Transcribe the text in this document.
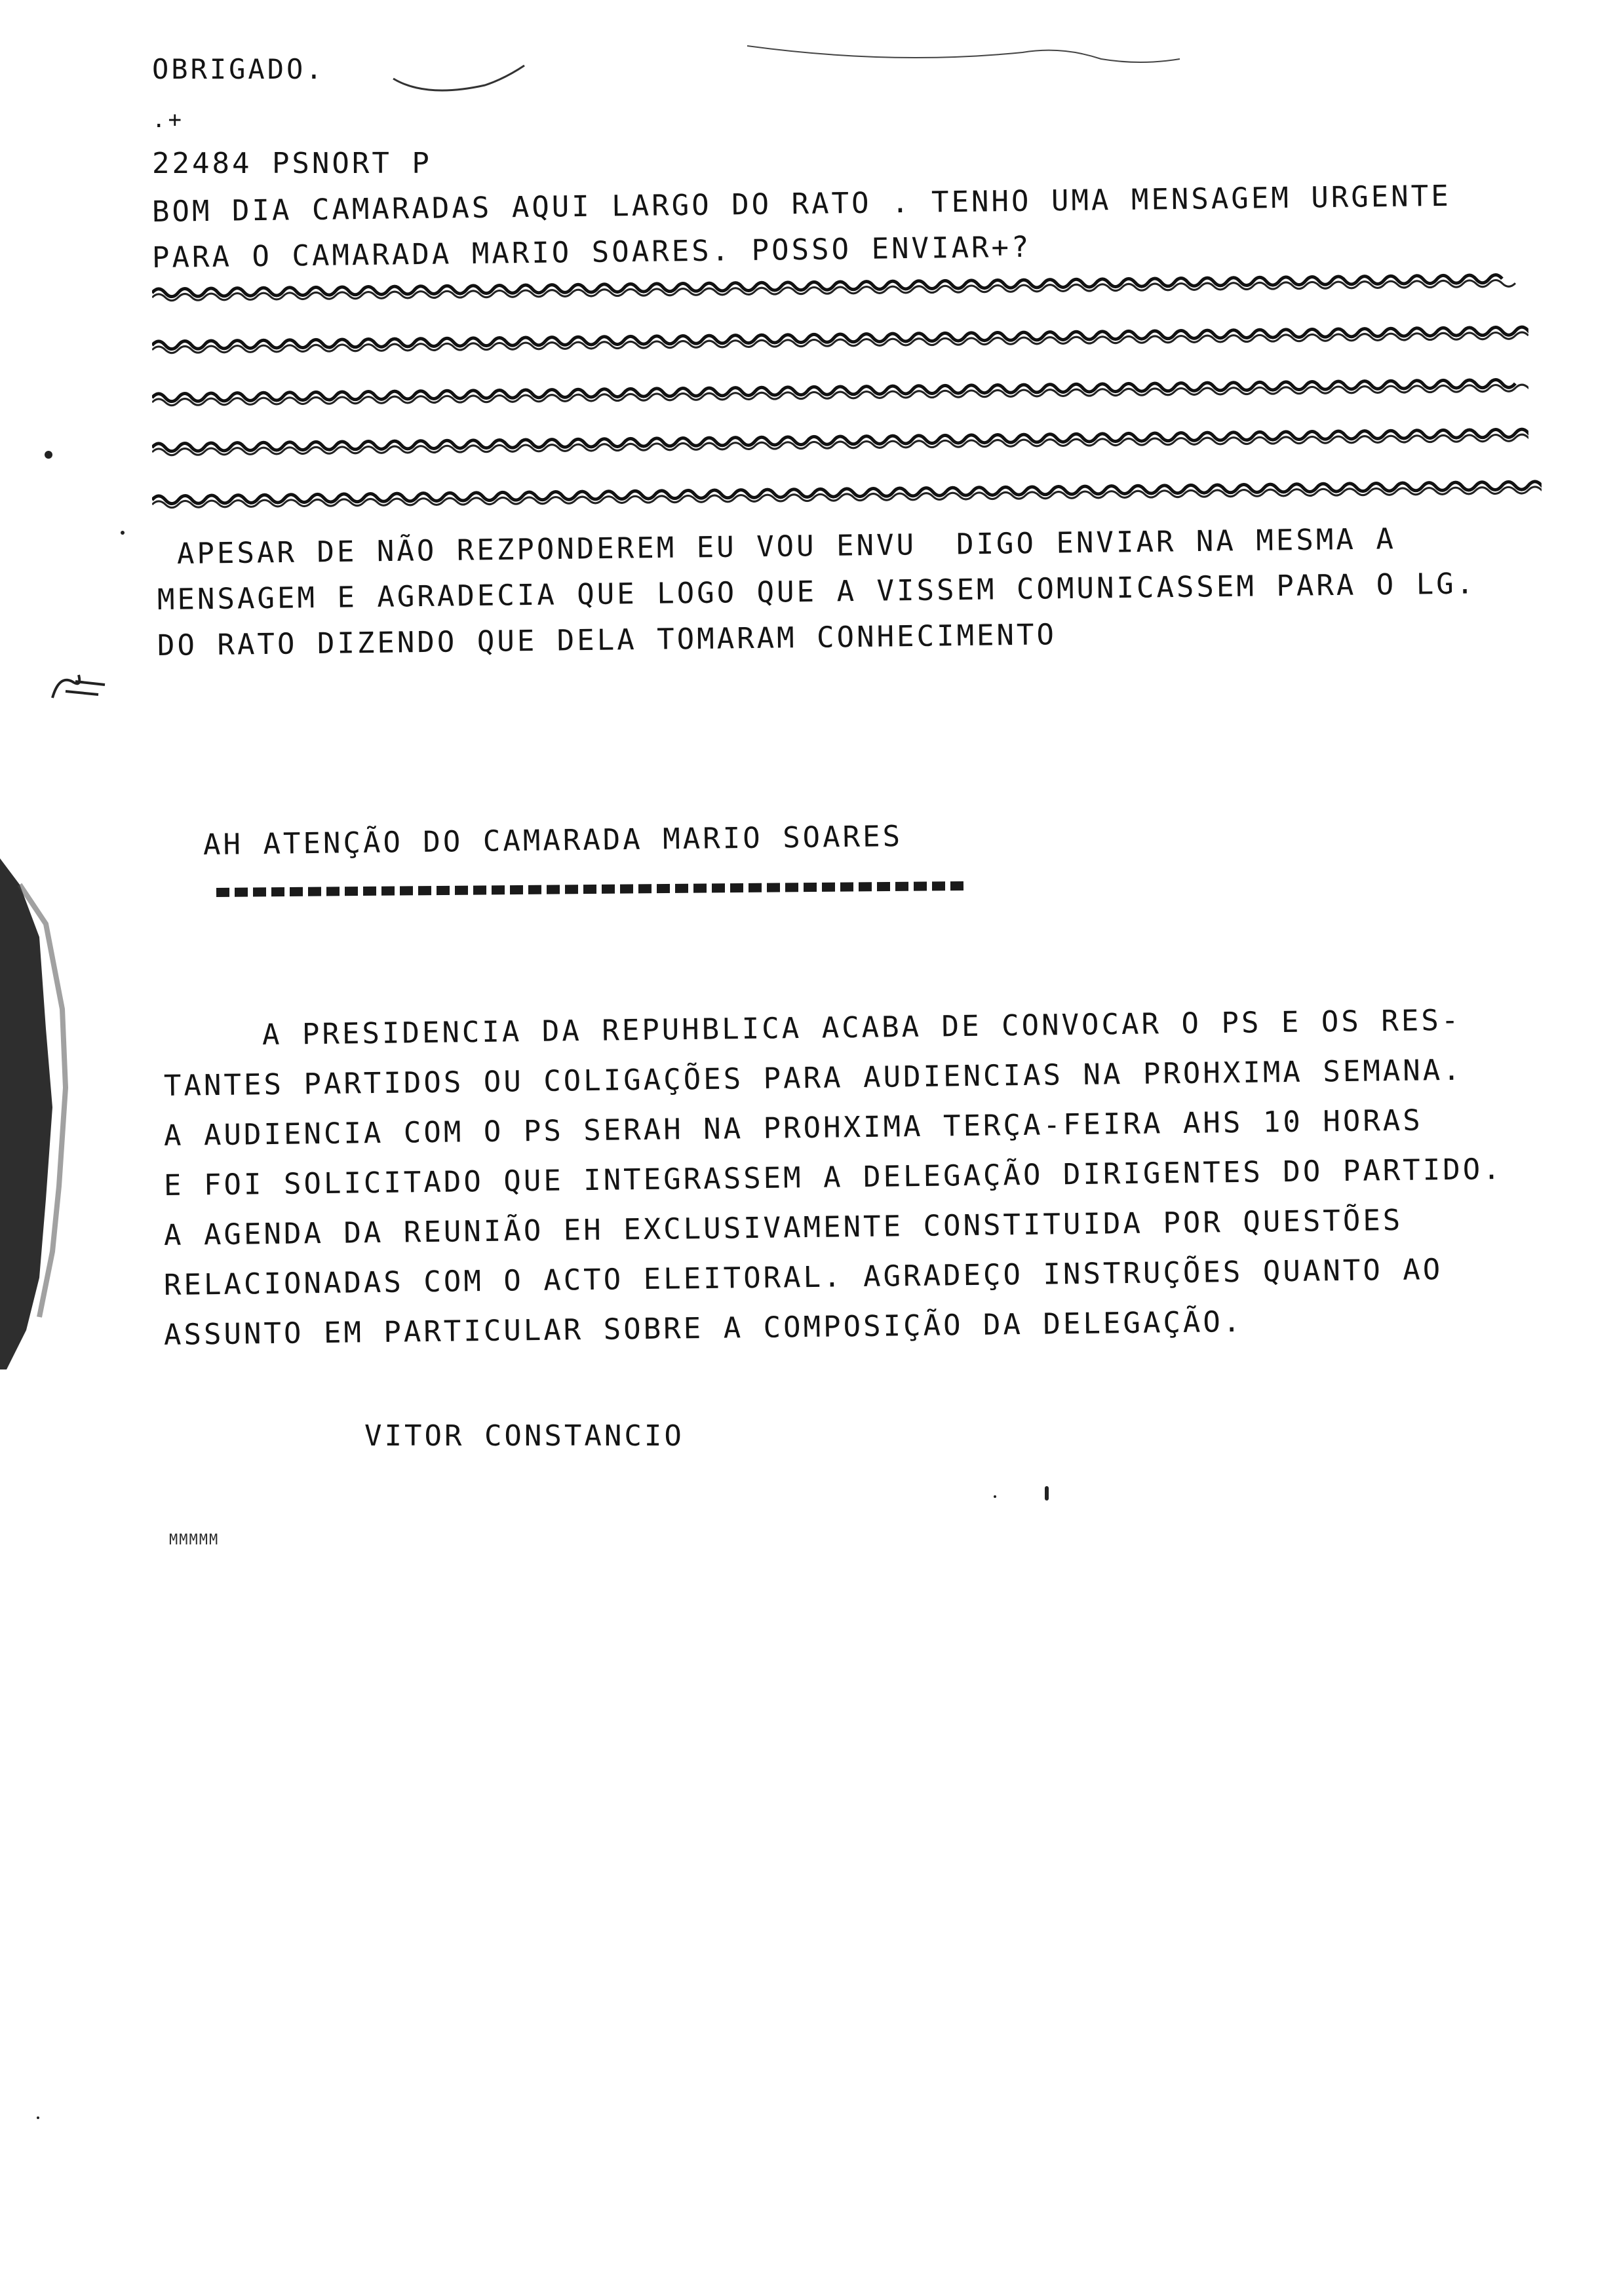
OBRIGADO.
.+
22484 PSNORT P
BOM DIA CAMARADAS AQUI LARGO DO RATO . TENHO UMA MENSAGEM URGENTE
PARA O CAMARADA MARIO SOARES. POSSO ENVIAR+?
APESAR DE NÃO REZPONDEREM EU VOU ENVU  DIGO ENVIAR NA MESMA A
MENSAGEM E AGRADECIA QUE LOGO QUE A VISSEM COMUNICASSEM PARA O LG.
DO RATO DIZENDO QUE DELA TOMARAM CONHECIMENTO
AH ATENÇÃO DO CAMARADA MARIO SOARES
A PRESIDENCIA DA REPUHBLICA ACABA DE CONVOCAR O PS E OS RES-
TANTES PARTIDOS OU COLIGAÇÕES PARA AUDIENCIAS NA PROHXIMA SEMANA.
A AUDIENCIA COM O PS SERAH NA PROHXIMA TERÇA-FEIRA AHS 10 HORAS
E FOI SOLICITADO QUE INTEGRASSEM A DELEGAÇÃO DIRIGENTES DO PARTIDO.
A AGENDA DA REUNIÃO EH EXCLUSIVAMENTE CONSTITUIDA POR QUESTÕES
RELACIONADAS COM O ACTO ELEITORAL. AGRADEÇO INSTRUÇÕES QUANTO AO
ASSUNTO EM PARTICULAR SOBRE A COMPOSIÇÃO DA DELEGAÇÃO.
VITOR CONSTANCIO
MMMMM
